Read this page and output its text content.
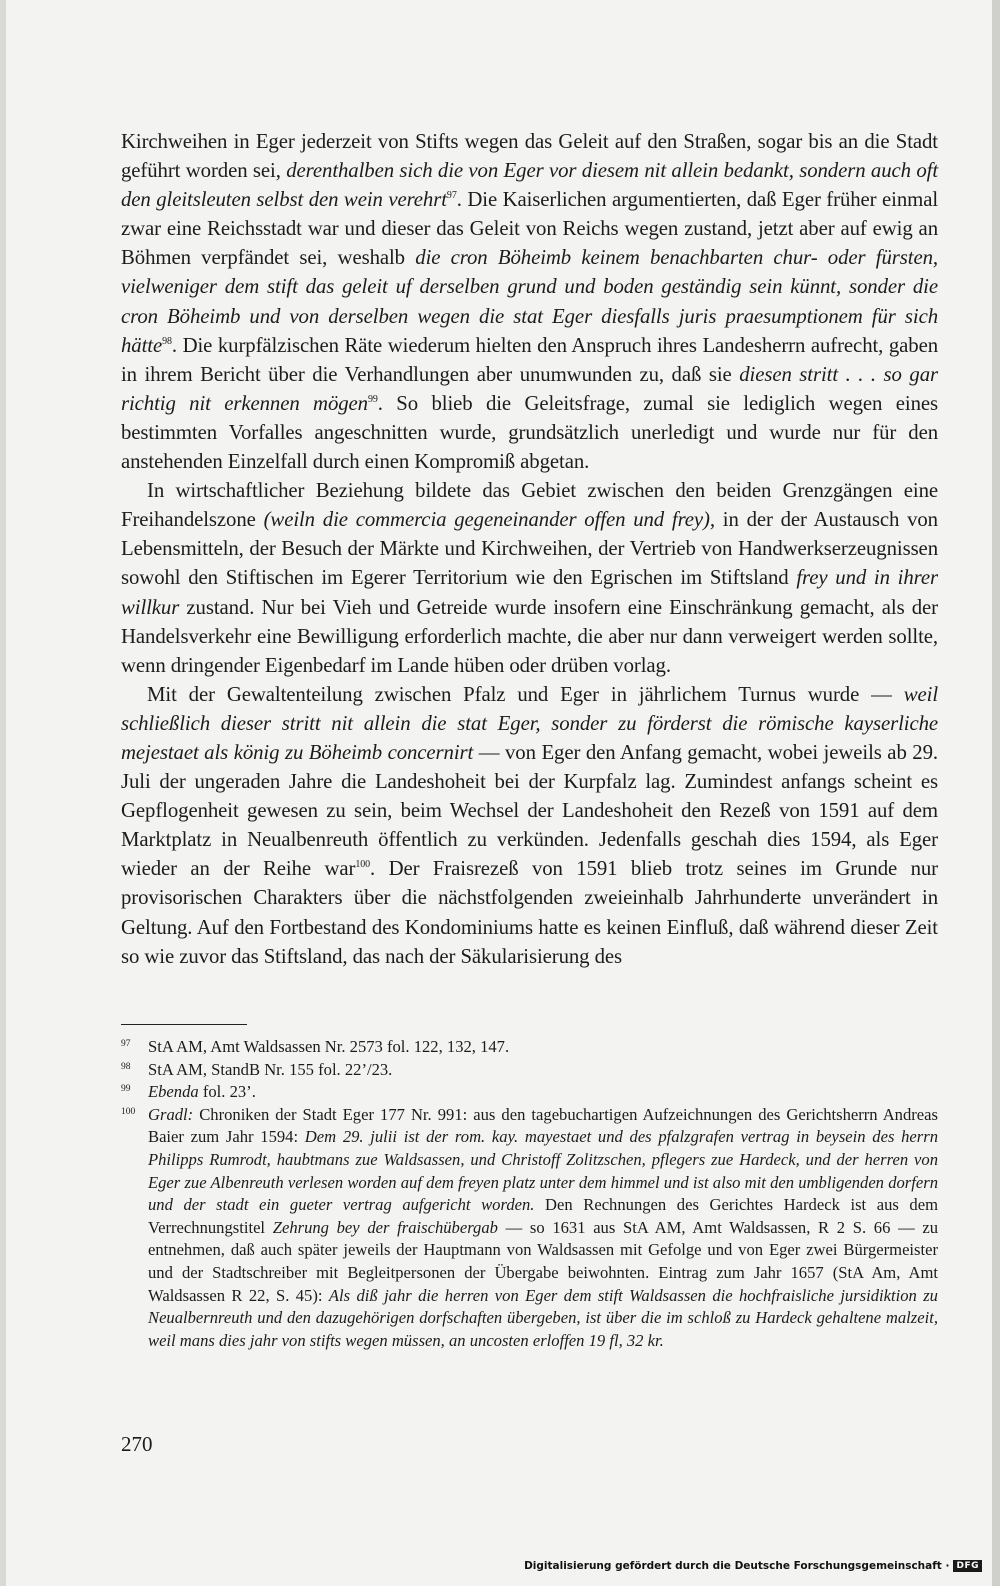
Kirchweihen in Eger jederzeit von Stifts wegen das Geleit auf den Straßen, sogar bis an die Stadt geführt worden sei, derenthalben sich die von Eger vor diesem nit allein bedankt, sondern auch oft den gleitsleuten selbst den wein verehrt$^{97}$. Die Kaiserlichen argumentierten, daß Eger früher einmal zwar eine Reichsstadt war und dieser das Geleit von Reichs wegen zustand, jetzt aber auf ewig an Böhmen verpfändet sei, weshalb die cron Böheimb keinem benachbarten chur- oder fürsten, vielweniger dem stift das geleit uf derselben grund und boden geständig sein künnt, sonder die cron Böheimb und von derselben wegen die stat Eger diesfalls juris praesumptionem für sich hätte$^{98}$. Die kurpfälzischen Räte wiederum hielten den Anspruch ihres Landesherrn aufrecht, gaben in ihrem Bericht über die Verhandlungen aber unumwunden zu, daß sie diesen stritt . . . so gar richtig nit erkennen mögen$^{99}$. So blieb die Geleitsfrage, zumal sie lediglich wegen eines bestimmten Vorfalles angeschnitten wurde, grundsätzlich unerledigt und wurde nur für den anstehenden Einzelfall durch einen Kompromiß abgetan.

In wirtschaftlicher Beziehung bildete das Gebiet zwischen den beiden Grenzgängen eine Freihandelszone (weiln die commercia gegeneinander offen und frey), in der der Austausch von Lebensmitteln, der Besuch der Märkte und Kirchweihen, der Vertrieb von Handwerkserzeugnissen sowohl den Stiftischen im Egerer Territorium wie den Egrischen im Stiftsland frey und in ihrer willkur zustand. Nur bei Vieh und Getreide wurde insofern eine Einschränkung gemacht, als der Handelsverkehr eine Bewilligung erforderlich machte, die aber nur dann verweigert werden sollte, wenn dringender Eigenbedarf im Lande hüben oder drüben vorlag.

Mit der Gewaltenteilung zwischen Pfalz und Eger in jährlichem Turnus wurde — weil schließlich dieser stritt nit allein die stat Eger, sonder zu förderst die römische kayserliche mejestaet als könig zu Böheimb concernirt — von Eger den Anfang gemacht, wobei jeweils ab 29. Juli der ungeraden Jahre die Landeshoheit bei der Kurpfalz lag. Zumindest anfangs scheint es Gepflogenheit gewesen zu sein, beim Wechsel der Landeshoheit den Rezeß von 1591 auf dem Marktplatz in Neualbenreuth öffentlich zu verkünden. Jedenfalls geschah dies 1594, als Eger wieder an der Reihe war$^{100}$. Der Fraisrezeß von 1591 blieb trotz seines im Grunde nur provisorischen Charakters über die nächstfolgenden zweieinhalb Jahrhunderte unverändert in Geltung. Auf den Fortbestand des Kondominiums hatte es keinen Einfluß, daß während dieser Zeit so wie zuvor das Stiftsland, das nach der Säkularisierung des

97 StA AM, Amt Waldsassen Nr. 2573 fol. 122, 132, 147.
98 StA AM, StandB Nr. 155 fol. 22’/23.
99 Ebenda fol. 23’.
100 Gradl: Chroniken der Stadt Eger 177 Nr. 991: aus den tagebuchartigen Aufzeichnungen des Gerichtsherrn Andreas Baier zum Jahr 1594: Dem 29. julii ist der rom. kay. mayestaet und des pfalzgrafen vertrag in beysein des herrn Philipps Rumrodt, haubtmans zue Waldsassen, und Christoff Zolitzschen, pflegers zue Hardeck, und der herren von Eger zue Albenreuth verlesen worden auf dem freyen platz unter dem himmel und ist also mit den umbligenden dorfern und der stadt ein gueter vertrag aufgericht worden. Den Rechnungen des Gerichtes Hardeck ist aus dem Verrechnungstitel Zehrung bey der fraischübergab — so 1631 aus StA AM, Amt Waldsassen, R 2 S. 66 — zu entnehmen, daß auch später jeweils der Hauptmann von Waldsassen mit Gefolge und von Eger zwei Bürgermeister und der Stadtschreiber mit Begleitpersonen der Übergabe beiwohnten. Eintrag zum Jahr 1657 (StA Am, Amt Waldsassen R 22, S. 45): Als diß jahr die herren von Eger dem stift Waldsassen die hochfraisliche jursidiktion zu Neualbernreuth und den dazugehörigen dorfschaften übergeben, ist über die im schloß zu Hardeck gehaltene malzeit, weil mans dies jahr von stifts wegen müssen, an uncosten erloffen 19 fl, 32 kr.
270
Digitalisierung gefördert durch die Deutsche Forschungsgemeinschaft · DFG
